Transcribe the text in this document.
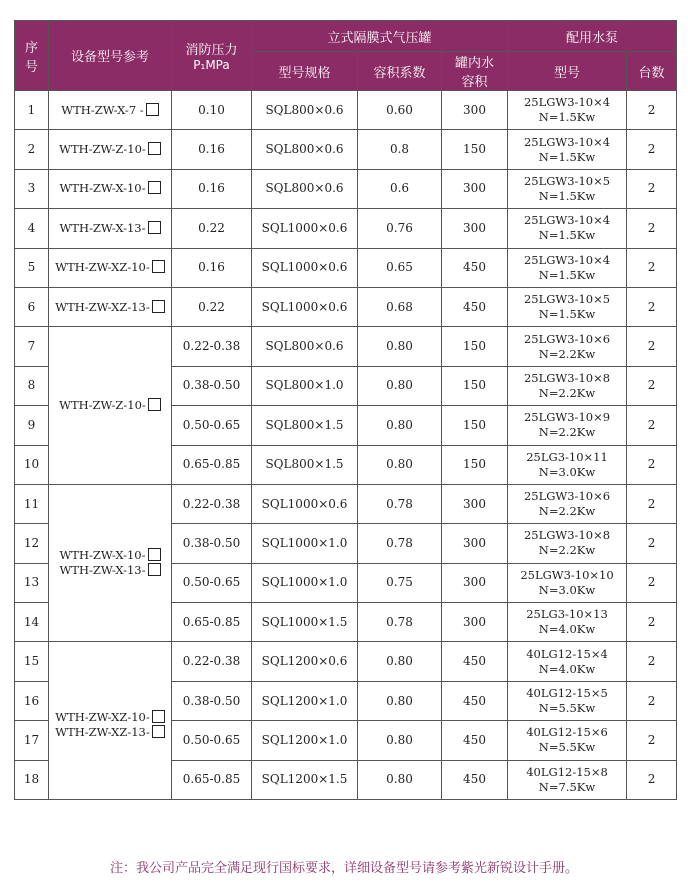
序
号	设备型号参考	消防压力
P₁MPa	立式隔膜式气压罐			配用水泵	
			型号规格	容积系数	罐内水
容积	型号	台数
1	WTH-ZW-X-7 -	0.10	SQL800×0.6	0.60	300	25LGW3-10×4
N=1.5Kw	2
2	WTH-ZW-Z-10-	0.16	SQL800×0.6	0.8	150	25LGW3-10×4
N=1.5Kw	2
3	WTH-ZW-X-10-	0.16	SQL800×0.6	0.6	300	25LGW3-10×5
N=1.5Kw	2
4	WTH-ZW-X-13-	0.22	SQL1000×0.6	0.76	300	25LGW3-10×4
N=1.5Kw	2
5	WTH-ZW-XZ-10-	0.16	SQL1000×0.6	0.65	450	25LGW3-10×4
N=1.5Kw	2
6	WTH-ZW-XZ-13-	0.22	SQL1000×0.6	0.68	450	25LGW3-10×5
N=1.5Kw	2
7	WTH-ZW-Z-10-	0.22-0.38	SQL800×0.6	0.80	150	25LGW3-10×6
N=2.2Kw	2
8		0.38-0.50	SQL800×1.0	0.80	150	25LGW3-10×8
N=2.2Kw	2
9		0.50-0.65	SQL800×1.5	0.80	150	25LGW3-10×9
N=2.2Kw	2
10		0.65-0.85	SQL800×1.5	0.80	150	25LG3-10×11
N=3.0Kw	2
11	WTH-ZW-X-10-
WTH-ZW-X-13-	0.22-0.38	SQL1000×0.6	0.78	300	25LGW3-10×6
N=2.2Kw	2
12		0.38-0.50	SQL1000×1.0	0.78	300	25LGW3-10×8
N=2.2Kw	2
13		0.50-0.65	SQL1000×1.0	0.75	300	25LGW3-10×10
N=3.0Kw	2
14		0.65-0.85	SQL1000×1.5	0.78	300	25LG3-10×13
N=4.0Kw	2
15	WTH-ZW-XZ-10-
WTH-ZW-XZ-13-	0.22-0.38	SQL1200×0.6	0.80	450	40LG12-15×4
N=4.0Kw	2
16		0.38-0.50	SQL1200×1.0	0.80	450	40LG12-15×5
N=5.5Kw	2
17		0.50-0.65	SQL1200×1.0	0.80	450	40LG12-15×6
N=5.5Kw	2
18		0.65-0.85	SQL1200×1.5	0.80	450	40LG12-15×8
N=7.5Kw	2
注：我公司产品完全满足现行国标要求，详细设备型号请参考紫光新锐设计手册。
